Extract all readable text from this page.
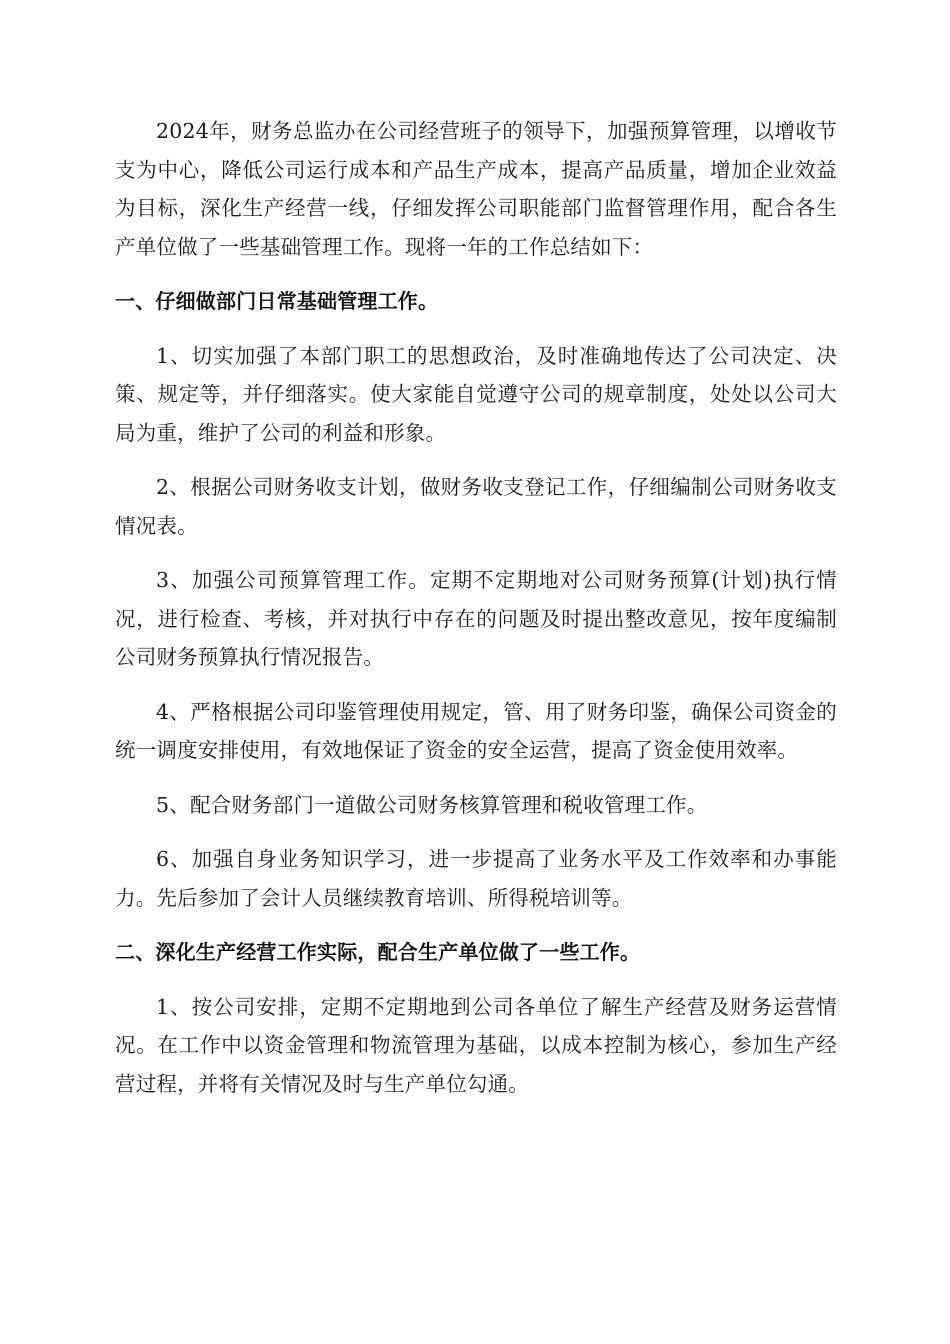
2024年，财务总监办在公司经营班子的领导下，加强预算管理，以增收节支为中心，降低公司运行成本和产品生产成本，提高产品质量，增加企业效益为目标，深化生产经营一线，仔细发挥公司职能部门监督管理作用，配合各生产单位做了一些基础管理工作。现将一年的工作总结如下：

一、仔细做部门日常基础管理工作。

1、切实加强了本部门职工的思想政治，及时准确地传达了公司决定、决策、规定等，并仔细落实。使大家能自觉遵守公司的规章制度，处处以公司大局为重，维护了公司的利益和形象。

2、根据公司财务收支计划，做财务收支登记工作，仔细编制公司财务收支情况表。

3、加强公司预算管理工作。定期不定期地对公司财务预算(计划)执行情况，进行检查、考核，并对执行中存在的问题及时提出整改意见，按年度编制公司财务预算执行情况报告。

4、严格根据公司印鉴管理使用规定，管、用了财务印鉴，确保公司资金的统一调度安排使用，有效地保证了资金的安全运营，提高了资金使用效率。

5、配合财务部门一道做公司财务核算管理和税收管理工作。

6、加强自身业务知识学习，进一步提高了业务水平及工作效率和办事能力。先后参加了会计人员继续教育培训、所得税培训等。

二、深化生产经营工作实际，配合生产单位做了一些工作。

1、按公司安排，定期不定期地到公司各单位了解生产经营及财务运营情况。在工作中以资金管理和物流管理为基础，以成本控制为核心，参加生产经营过程，并将有关情况及时与生产单位勾通。
